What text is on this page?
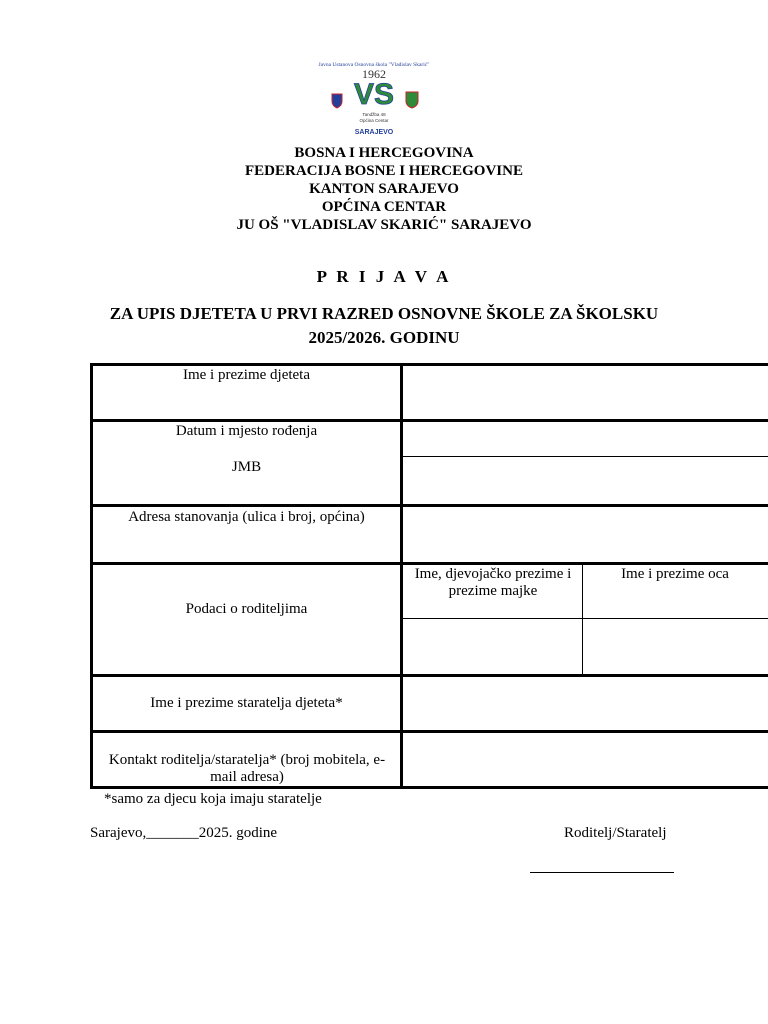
Javna Ustanova Osnovna škola "Vladislav Skarić"
1962
VS
Tandžba 48
Općina Centar
SARAJEVO
BOSNA I HERCEGOVINA
FEDERACIJA BOSNE I HERCEGOVINE
KANTON SARAJEVO
OPĆINA CENTAR
JU OŠ "VLADISLAV SKARIĆ" SARAJEVO
P R I J A V A
ZA UPIS DJETETA U PRVI RAZRED OSNOVNE ŠKOLE ZA ŠKOLSKU
2025/2026. GODINU
Ime i prezime djeteta
Datum i mjesto rođenja
JMB
Adresa stanovanja (ulica i broj, općina)
Podaci o roditeljima
Ime, djevojačko prezime i prezime majke
Ime i prezime oca
Ime i prezime staratelja djeteta*
Kontakt roditelja/staratelja* (broj mobitela, e-mail adresa)
*samo za djecu koja imaju staratelje
Sarajevo,_______2025. godine	Roditelj/Staratelj
